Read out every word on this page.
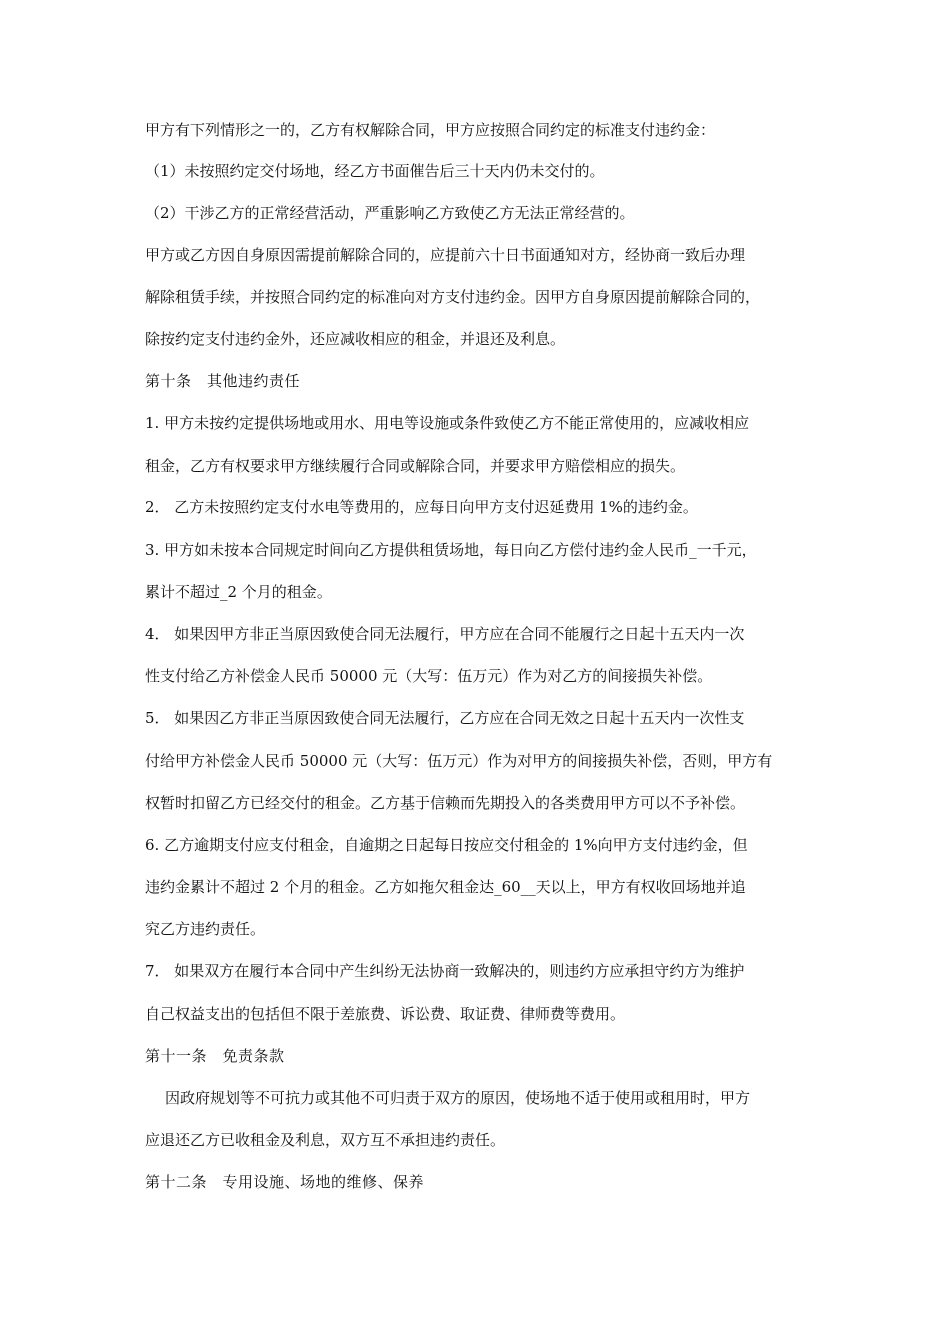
甲方有下列情形之一的，乙方有权解除合同，甲方应按照合同约定的标准支付违约金：

（1）未按照约定交付场地，经乙方书面催告后三十天内仍未交付的。

（2）干涉乙方的正常经营活动，严重影响乙方致使乙方无法正常经营的。

甲方或乙方因自身原因需提前解除合同的，应提前六十日书面通知对方，经协商一致后办理

解除租赁手续，并按照合同约定的标准向对方支付违约金。因甲方自身原因提前解除合同的，

除按约定支付违约金外，还应减收相应的租金，并退还及利息。

第十条　其他违约责任

1. 甲方未按约定提供场地或用水、用电等设施或条件致使乙方不能正常使用的，应减收相应

租金，乙方有权要求甲方继续履行合同或解除合同，并要求甲方赔偿相应的损失。

2． 乙方未按照约定支付水电等费用的，应每日向甲方支付迟延费用 1%的违约金。

3. 甲方如未按本合同规定时间向乙方提供租赁场地，每日向乙方偿付违约金人民币_一千元，

累计不超过_2 个月的租金。

4． 如果因甲方非正当原因致使合同无法履行，甲方应在合同不能履行之日起十五天内一次

性支付给乙方补偿金人民币 50000 元（大写：伍万元）作为对乙方的间接损失补偿。

5． 如果因乙方非正当原因致使合同无法履行，乙方应在合同无效之日起十五天内一次性支

付给甲方补偿金人民币 50000 元（大写：伍万元）作为对甲方的间接损失补偿，否则，甲方有

权暂时扣留乙方已经交付的租金。乙方基于信赖而先期投入的各类费用甲方可以不予补偿。

6. 乙方逾期支付应支付租金，自逾期之日起每日按应交付租金的 1%向甲方支付违约金，但

违约金累计不超过 2 个月的租金。乙方如拖欠租金达_60__天以上，甲方有权收回场地并追

究乙方违约责任。

7． 如果双方在履行本合同中产生纠纷无法协商一致解决的，则违约方应承担守约方为维护

自己权益支出的包括但不限于差旅费、诉讼费、取证费、律师费等费用。

第十一条　免责条款

因政府规划等不可抗力或其他不可归责于双方的原因，使场地不适于使用或租用时，甲方

应退还乙方已收租金及利息，双方互不承担违约责任。

第十二条　专用设施、场地的维修、保养
